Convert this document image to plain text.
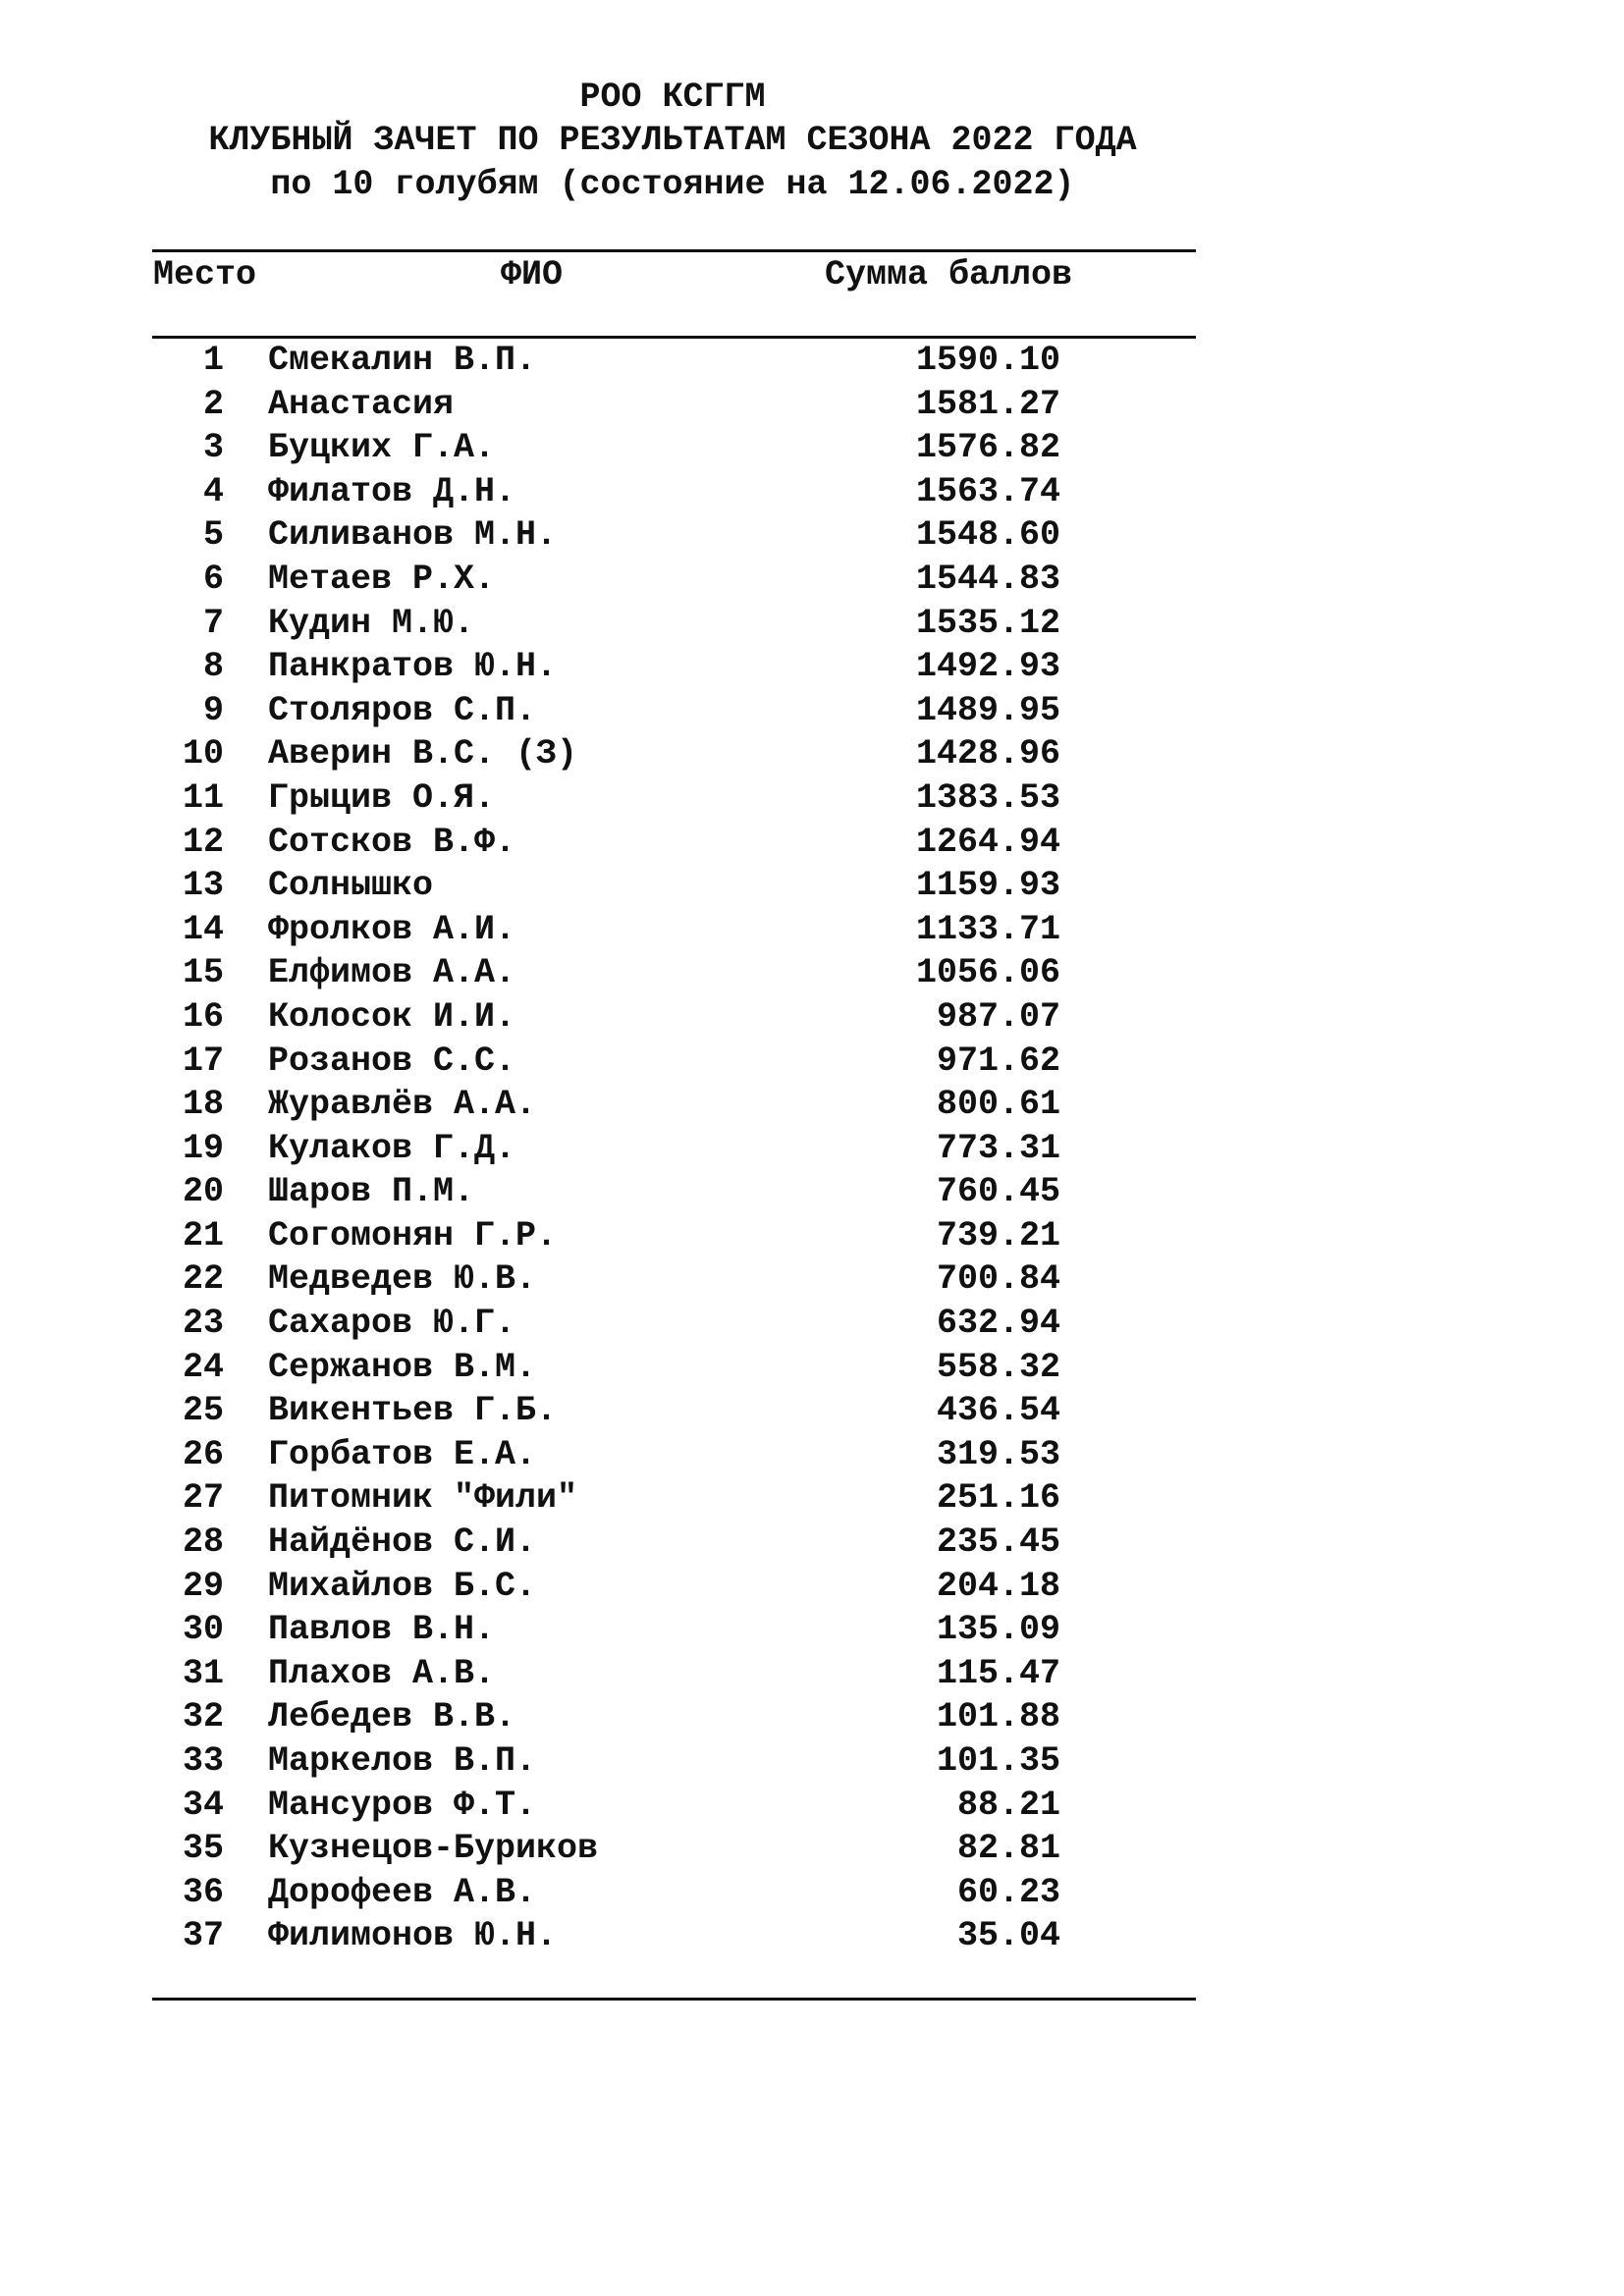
РОО КСГГМ
КЛУБНЫЙ ЗАЧЕТ ПО РЕЗУЛЬТАТАМ СЕЗОНА 2022 ГОДА
по 10 голубям (состояние на 12.06.2022)
Место	ФИО	Сумма баллов
1 Смекалин В.П.	1590.10
2 Анастасия	1581.27
3 Буцких Г.А.	1576.82
4 Филатов Д.Н.	1563.74
5 Силиванов М.Н.	1548.60
6 Метаев Р.Х.	1544.83
7 Кудин М.Ю.	1535.12
8 Панкратов Ю.Н.	1492.93
9 Столяров С.П.	1489.95
10 Аверин В.С. (З)	1428.96
11 Грыцив О.Я.	1383.53
12 Сотсков В.Ф.	1264.94
13 Солнышко	1159.93
14 Фролков А.И.	1133.71
15 Елфимов А.А.	1056.06
16 Колосок И.И.	987.07
17 Розанов С.С.	971.62
18 Журавлёв А.А.	800.61
19 Кулаков Г.Д.	773.31
20 Шаров П.М.	760.45
21 Согомонян Г.Р.	739.21
22 Медведев Ю.В.	700.84
23 Сахаров Ю.Г.	632.94
24 Сержанов В.М.	558.32
25 Викентьев Г.Б.	436.54
26 Горбатов Е.А.	319.53
27 Питомник "Фили"	251.16
28 Найдёнов С.И.	235.45
29 Михайлов Б.С.	204.18
30 Павлов В.Н.	135.09
31 Плахов А.В.	115.47
32 Лебедев В.В.	101.88
33 Маркелов В.П.	101.35
34 Мансуров Ф.Т.	88.21
35 Кузнецов-Буриков	82.81
36 Дорофеев А.В.	60.23
37 Филимонов Ю.Н.	35.04
